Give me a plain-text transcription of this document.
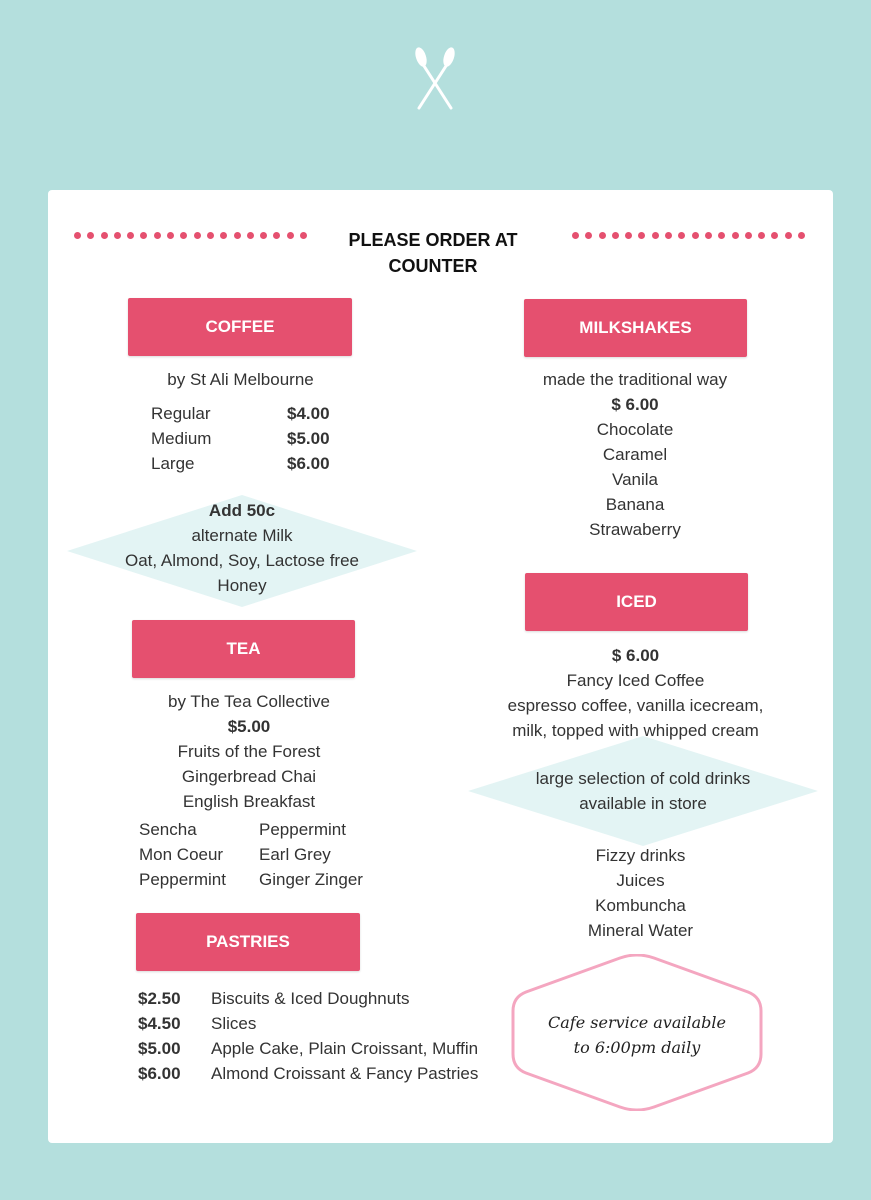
PLEASE ORDER AT COUNTER
COFFEE
by St Ali Melbourne
Regular	$4.00
Medium	$5.00
Large	$6.00
Add 50c
alternate Milk
Oat, Almond, Soy, Lactose free
Honey
TEA
by The Tea Collective
$5.00
Fruits of the Forest
Gingerbread Chai
English Breakfast
Sencha	Peppermint
Mon Coeur	Earl Grey
Peppermint	Ginger Zinger
PASTRIES
$2.50	Biscuits & Iced Doughnuts
$4.50	Slices
$5.00	Apple Cake, Plain Croissant, Muffin
$6.00	Almond Croissant & Fancy Pastries
MILKSHAKES
made the traditional way
$ 6.00
Chocolate
Caramel
Vanila
Banana
Strawaberry
ICED
large selection of cold drinks
available in store
$ 6.00
Fancy Iced Coffee
espresso coffee, vanilla icecream,
milk, topped with whipped cream
Fizzy drinks
Juices
Kombuncha
Mineral Water
Cafe service available
to 6:00pm daily
